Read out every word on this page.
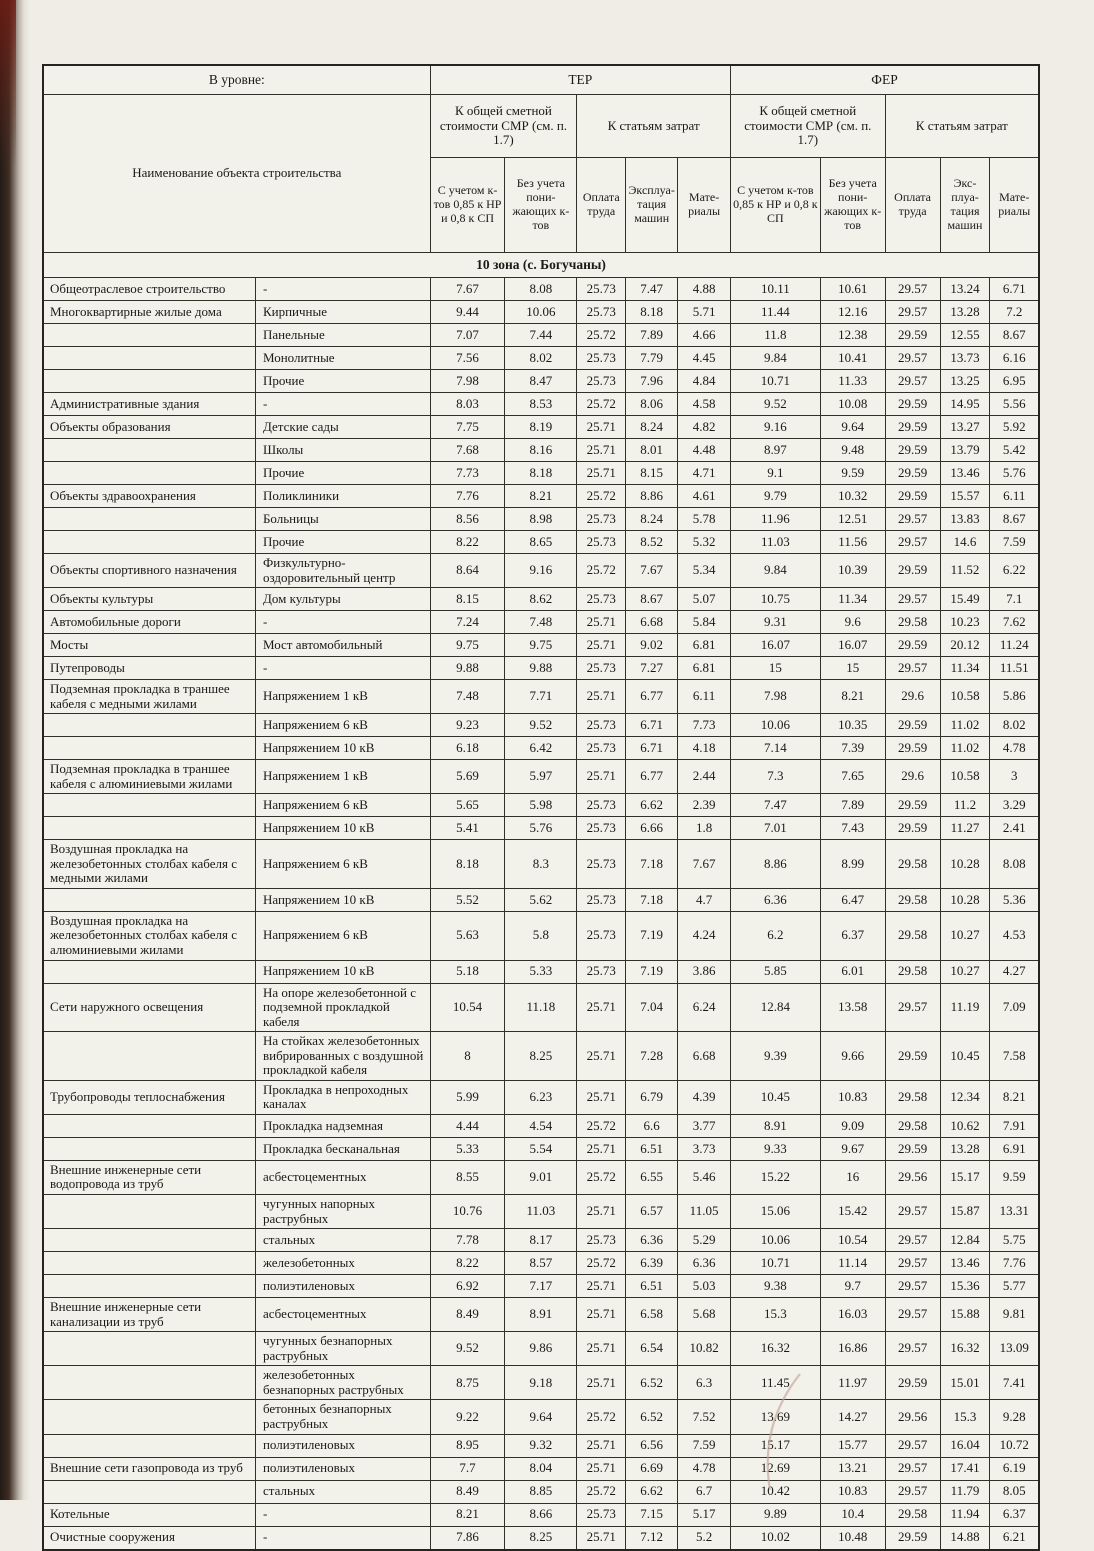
В уровне:		ТЕР					ФЕР				
Наименование объекта строительства		К общей сметной стоимости СМР (см. п. 1.7)		К статьям затрат			К общей сметной стоимости СМР (см. п. 1.7)		К статьям затрат		
		С учетом к-тов 0,85 к НР и 0,8 к СП	Без учета понижающих к-тов	Оплата труда	Эксплуатация машин	Материалы	С учетом к-тов 0,85 к НР и 0,8 к СП	Без учета понижающих к-тов	Оплата труда	Эксплуатация машин	Материалы
10 зона (с. Богучаны)											
Общеотраслевое строительство	-	7.67	8.08	25.73	7.47	4.88	10.11	10.61	29.57	13.24	6.71
Многоквартирные жилые дома	Кирпичные	9.44	10.06	25.73	8.18	5.71	11.44	12.16	29.57	13.28	7.2
	Панельные	7.07	7.44	25.72	7.89	4.66	11.8	12.38	29.59	12.55	8.67
	Монолитные	7.56	8.02	25.73	7.79	4.45	9.84	10.41	29.57	13.73	6.16
	Прочие	7.98	8.47	25.73	7.96	4.84	10.71	11.33	29.57	13.25	6.95
Административные здания	-	8.03	8.53	25.72	8.06	4.58	9.52	10.08	29.59	14.95	5.56
Объекты образования	Детские сады	7.75	8.19	25.71	8.24	4.82	9.16	9.64	29.59	13.27	5.92
	Школы	7.68	8.16	25.71	8.01	4.48	8.97	9.48	29.59	13.79	5.42
	Прочие	7.73	8.18	25.71	8.15	4.71	9.1	9.59	29.59	13.46	5.76
Объекты здравоохранения	Поликлиники	7.76	8.21	25.72	8.86	4.61	9.79	10.32	29.59	15.57	6.11
	Больницы	8.56	8.98	25.73	8.24	5.78	11.96	12.51	29.57	13.83	8.67
	Прочие	8.22	8.65	25.73	8.52	5.32	11.03	11.56	29.57	14.6	7.59
Объекты спортивного назначения	Физкультурно-оздоровительный центр	8.64	9.16	25.72	7.67	5.34	9.84	10.39	29.59	11.52	6.22
Объекты культуры	Дом культуры	8.15	8.62	25.73	8.67	5.07	10.75	11.34	29.57	15.49	7.1
Автомобильные дороги	-	7.24	7.48	25.71	6.68	5.84	9.31	9.6	29.58	10.23	7.62
Мосты	Мост автомобильный	9.75	9.75	25.71	9.02	6.81	16.07	16.07	29.59	20.12	11.24
Путепроводы	-	9.88	9.88	25.73	7.27	6.81	15	15	29.57	11.34	11.51
Подземная прокладка в траншее кабеля с медными жилами	Напряжением 1 кВ	7.48	7.71	25.71	6.77	6.11	7.98	8.21	29.6	10.58	5.86
	Напряжением 6 кВ	9.23	9.52	25.73	6.71	7.73	10.06	10.35	29.59	11.02	8.02
	Напряжением 10 кВ	6.18	6.42	25.73	6.71	4.18	7.14	7.39	29.59	11.02	4.78
Подземная прокладка в траншее кабеля с алюминиевыми жилами	Напряжением 1 кВ	5.69	5.97	25.71	6.77	2.44	7.3	7.65	29.6	10.58	3
	Напряжением 6 кВ	5.65	5.98	25.73	6.62	2.39	7.47	7.89	29.59	11.2	3.29
	Напряжением 10 кВ	5.41	5.76	25.73	6.66	1.8	7.01	7.43	29.59	11.27	2.41
Воздушная прокладка на железобетонных столбах кабеля с медными жилами	Напряжением 6 кВ	8.18	8.3	25.73	7.18	7.67	8.86	8.99	29.58	10.28	8.08
	Напряжением 10 кВ	5.52	5.62	25.73	7.18	4.7	6.36	6.47	29.58	10.28	5.36
Воздушная прокладка на железобетонных столбах кабеля с алюминиевыми жилами	Напряжением 6 кВ	5.63	5.8	25.73	7.19	4.24	6.2	6.37	29.58	10.27	4.53
	Напряжением 10 кВ	5.18	5.33	25.73	7.19	3.86	5.85	6.01	29.58	10.27	4.27
Сети наружного освещения	На опоре железобетонной с подземной прокладкой кабеля	10.54	11.18	25.71	7.04	6.24	12.84	13.58	29.57	11.19	7.09
	На стойках железобетонных вибрированных с воздушной прокладкой кабеля	8	8.25	25.71	7.28	6.68	9.39	9.66	29.59	10.45	7.58
Трубопроводы теплоснабжения	Прокладка в непроходных каналах	5.99	6.23	25.71	6.79	4.39	10.45	10.83	29.58	12.34	8.21
	Прокладка надземная	4.44	4.54	25.72	6.6	3.77	8.91	9.09	29.58	10.62	7.91
	Прокладка бесканальная	5.33	5.54	25.71	6.51	3.73	9.33	9.67	29.59	13.28	6.91
Внешние инженерные сети водопровода из труб	асбестоцементных	8.55	9.01	25.72	6.55	5.46	15.22	16	29.56	15.17	9.59
	чугунных напорных раструбных	10.76	11.03	25.71	6.57	11.05	15.06	15.42	29.57	15.87	13.31
	стальных	7.78	8.17	25.73	6.36	5.29	10.06	10.54	29.57	12.84	5.75
	железобетонных	8.22	8.57	25.72	6.39	6.36	10.71	11.14	29.57	13.46	7.76
	полиэтиленовых	6.92	7.17	25.71	6.51	5.03	9.38	9.7	29.57	15.36	5.77
Внешние инженерные сети канализации из труб	асбестоцементных	8.49	8.91	25.71	6.58	5.68	15.3	16.03	29.57	15.88	9.81
	чугунных безнапорных раструбных	9.52	9.86	25.71	6.54	10.82	16.32	16.86	29.57	16.32	13.09
	железобетонных безнапорных раструбных	8.75	9.18	25.71	6.52	6.3	11.45	11.97	29.59	15.01	7.41
	бетонных безнапорных раструбных	9.22	9.64	25.72	6.52	7.52	13.69	14.27	29.56	15.3	9.28
	полиэтиленовых	8.95	9.32	25.71	6.56	7.59	15.17	15.77	29.57	16.04	10.72
Внешние сети газопровода из труб	полиэтиленовых	7.7	8.04	25.71	6.69	4.78	12.69	13.21	29.57	17.41	6.19
	стальных	8.49	8.85	25.72	6.62	6.7	10.42	10.83	29.57	11.79	8.05
Котельные	-	8.21	8.66	25.73	7.15	5.17	9.89	10.4	29.58	11.94	6.37
Очистные сооружения	-	7.86	8.25	25.71	7.12	5.2	10.02	10.48	29.59	14.88	6.21
